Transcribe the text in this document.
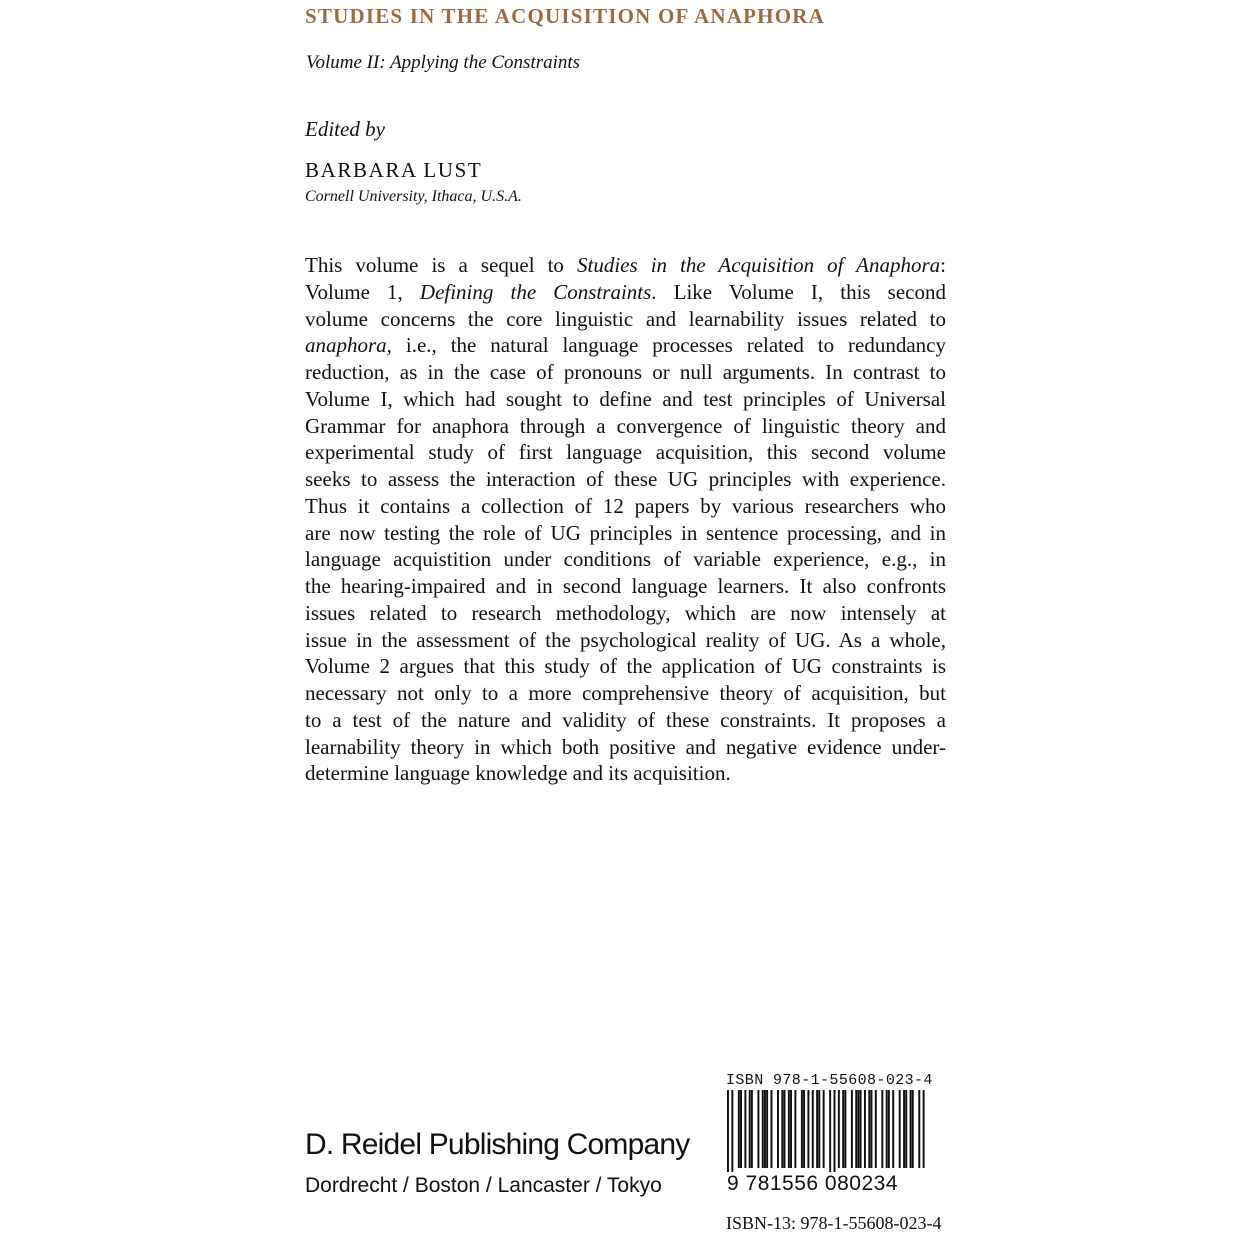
STUDIES IN THE ACQUISITION OF ANAPHORA
Volume II: Applying the Constraints
Edited by
BARBARA LUST
Cornell University, Ithaca, U.S.A.
This volume is a sequel to Studies in the Acquisition of Anaphora:
Volume 1, Defining the Constraints. Like Volume I, this second
volume concerns the core linguistic and learnability issues related to
anaphora, i.e., the natural language processes related to redundancy
reduction, as in the case of pronouns or null arguments. In contrast to
Volume I, which had sought to define and test principles of Universal
Grammar for anaphora through a convergence of linguistic theory and
experimental study of first language acquisition, this second volume
seeks to assess the interaction of these UG principles with experience.
Thus it contains a collection of 12 papers by various researchers who
are now testing the role of UG principles in sentence processing, and in
language acquistition under conditions of variable experience, e.g., in
the hearing-impaired and in second language learners. It also confronts
issues related to research methodology, which are now intensely at
issue in the assessment of the psychological reality of UG. As a whole,
Volume 2 argues that this study of the application of UG constraints is
necessary not only to a more comprehensive theory of acquisition, but
to a test of the nature and validity of these constraints. It proposes a
learnability theory in which both positive and negative evidence under-
determine language knowledge and its acquisition.
D. Reidel Publishing Company
Dordrecht / Boston / Lancaster / Tokyo
ISBN 978-1-55608-023-4
9 781556 080234
ISBN-13: 978-1-55608-023-4
